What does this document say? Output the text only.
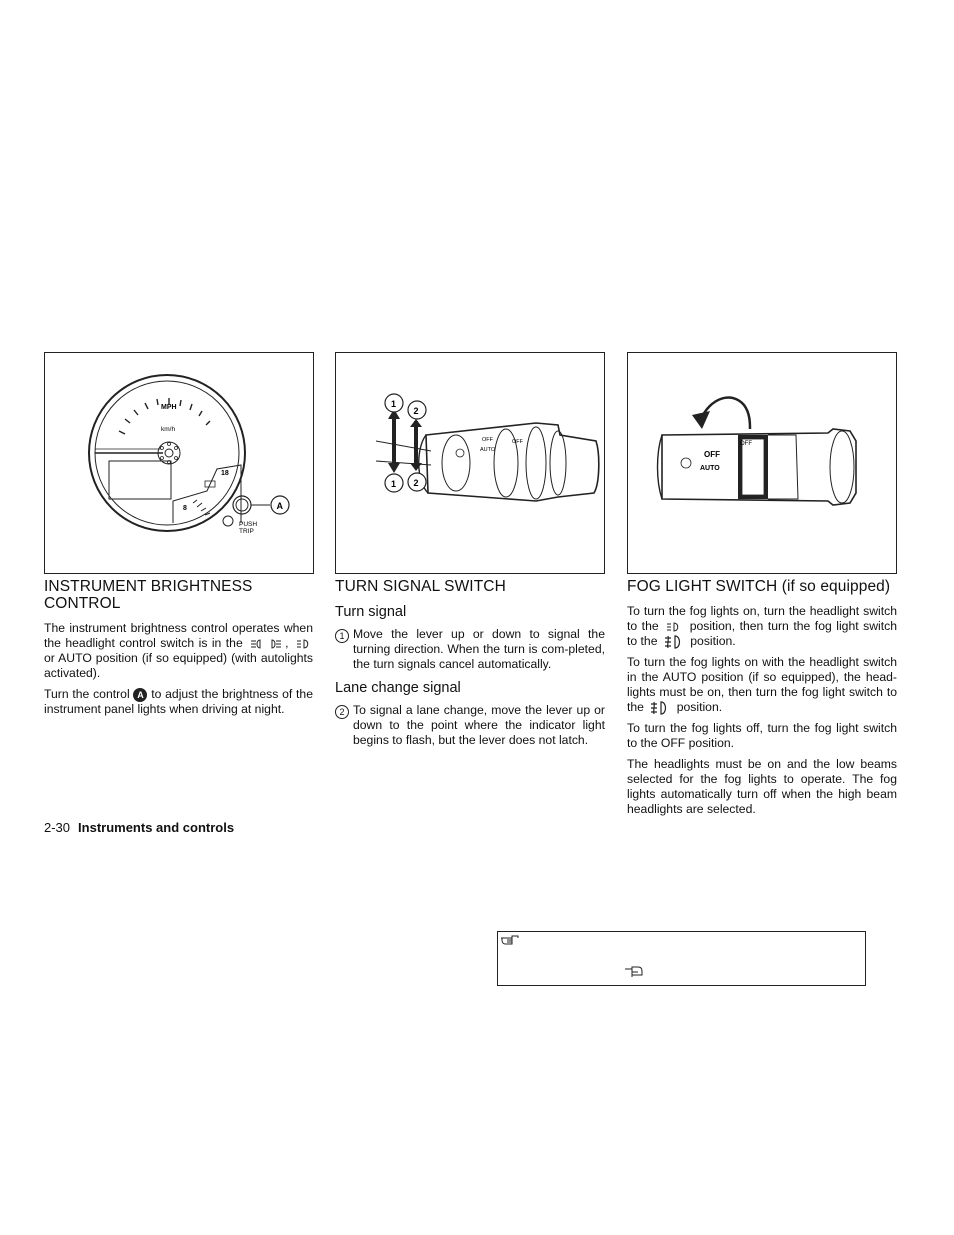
MPH
km/h
18
8	A
PUSH
TRIP
OFF
AUTO
OFF
1
2
1 2
OFF
AUTO
OFF
INSTRUMENT BRIGHTNESS CONTROL

The instrument brightness control operates when the headlight control switch is in the	,  or AUTO position (if so equipped) (with autolights activated).

Turn the control A to adjust the brightness of the instrument panel lights when driving at night.

TURN SIGNAL SWITCH
Turn signal
1 Move the lever up or down to signal the turning direction. When the turn is com-pleted, the turn signals cancel automatically.
Lane change signal
2 To signal a lane change, move the lever up or down to the point where the indicator light begins to flash, but the lever does not latch.
FOG LIGHT SWITCH (if so equipped)

To turn the fog lights on, turn the headlight switch to the	position, then turn the fog light switch to the	position.

To turn the fog lights on with the headlight switch in the AUTO position (if so equipped), the head-lights must be on, then turn the fog light switch to the	position.

To turn the fog lights off, turn the fog light switch to the OFF position.

The headlights must be on and the low beams selected for the fog lights to operate. The fog lights automatically turn off when the high beam headlights are selected.

2-30 Instruments and controls
